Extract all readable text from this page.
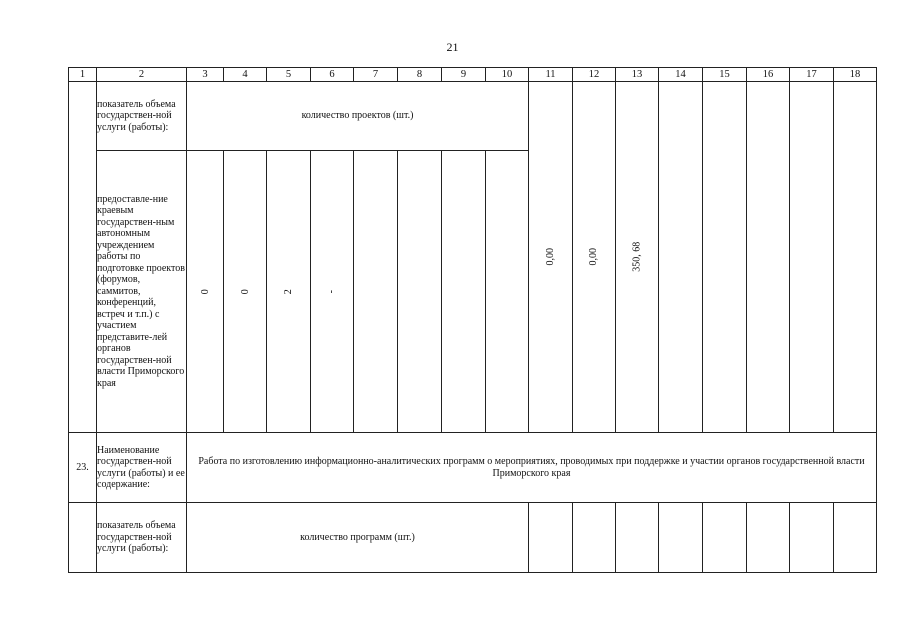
21
1	2	3	4	5	6	7	8	9	10	11	12	13	14	15	16	17	18
	показатель объема государствен-ной услуги (работы):	количество проектов (шт.)								0,00	0,00	350, 68					
	предоставле-ние краевым государствен-ным автономным учреждением работы по подготовке проектов (форумов, саммитов, конференций, встреч и т.п.) с участием представите-лей органов государствен-ной власти Приморского края	0	0	2	-												
23.	Наименование государствен-ной услуги (работы) и ее содержание:	Работа по изготовлению информационно-аналитических программ о мероприятиях, проводимых при поддержке и участии органов государственной власти Приморского края															
	показатель объема государствен-ной услуги (работы):	количество программ (шт.)															
